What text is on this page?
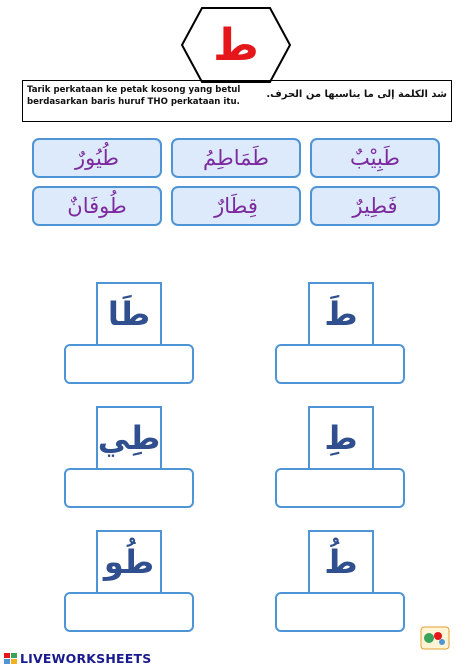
ط
Tarik perkataan ke petak kosong yang betul
berdasarkan baris huruf THO perkataan itu.
شد الكلمة إلى ما يناسبها من الحرف.
طَبِيْبٌ
طَمَاطِمُ
طُيُورٌ
فَطِيرٌ
قِطَارٌ
طُوفَانٌ
طَ
طَا
طِ
طِي
طُ
طُو
LIVEWORKSHEETS
